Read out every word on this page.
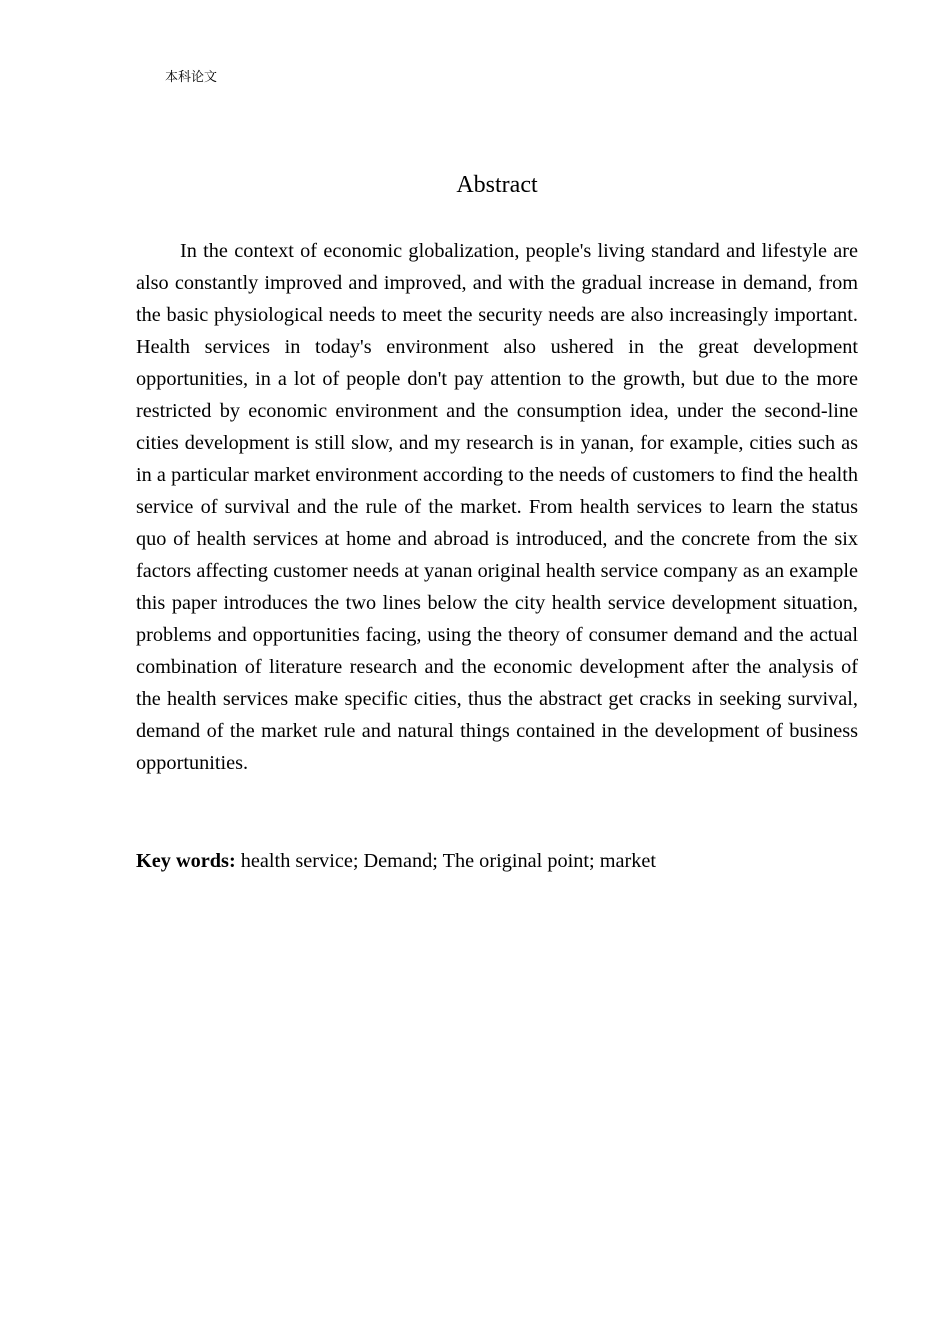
本科论文
Abstract

In the context of economic globalization, people's living standard and lifestyle are also constantly improved and improved, and with the gradual increase in demand, from the basic physiological needs to meet the security needs are also increasingly important. Health services in today's environment also ushered in the great development opportunities, in a lot of people don't pay attention to the growth, but due to the more restricted by economic environment and the consumption idea, under the second-line cities development is still slow, and my research is in yanan, for example, cities such as in a particular market environment according to the needs of customers to find the health service of survival and the rule of the market. From health services to learn the status quo of health services at home and abroad is introduced, and the concrete from the six factors affecting customer needs at yanan original health service company as an example this paper introduces the two lines below the city health service development situation, problems and opportunities facing, using the theory of consumer demand and the actual combination of literature research and the economic development after the analysis of the health services make specific cities, thus the abstract get cracks in seeking survival, demand of the market rule and natural things contained in the development of business opportunities.

Key words: health service; Demand; The original point; market
